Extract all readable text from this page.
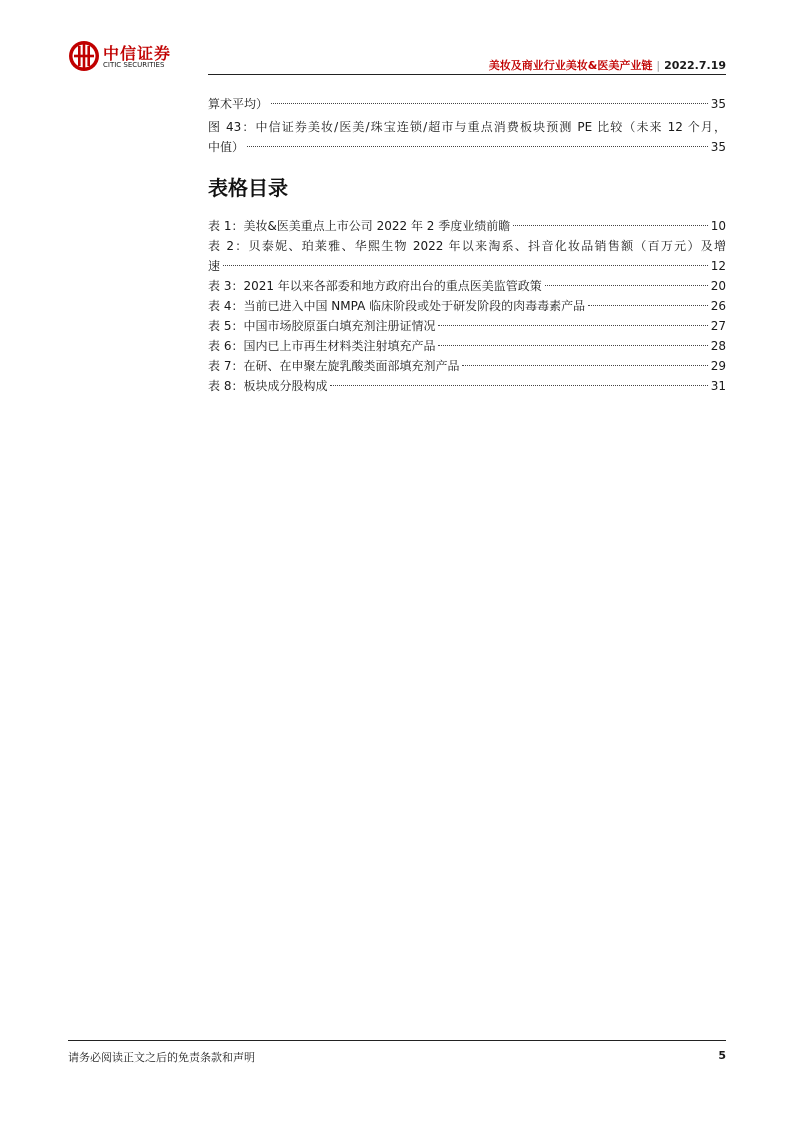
中信证券
CITIC SECURITIES	美妆及商业行业美妆&医美产业链 | 2022.7.19
算术平均）	35
图 43：中信证券美妆/医美/珠宝连锁/超市与重点消费板块预测 PE 比较（未来 12 个月，
中值）	35
表格目录
表 1：美妆&医美重点上市公司 2022 年 2 季度业绩前瞻	10
表 2：贝泰妮、珀莱雅、华熙生物 2022 年以来淘系、抖音化妆品销售额（百万元）及增
速	12
表 3：2021 年以来各部委和地方政府出台的重点医美监管政策	20
表 4：当前已进入中国 NMPA 临床阶段或处于研发阶段的肉毒毒素产品	26
表 5：中国市场胶原蛋白填充剂注册证情况	27
表 6：国内已上市再生材料类注射填充产品	28
表 7：在研、在申聚左旋乳酸类面部填充剂产品	29
表 8：板块成分股构成	31
请务必阅读正文之后的免责条款和声明	5
